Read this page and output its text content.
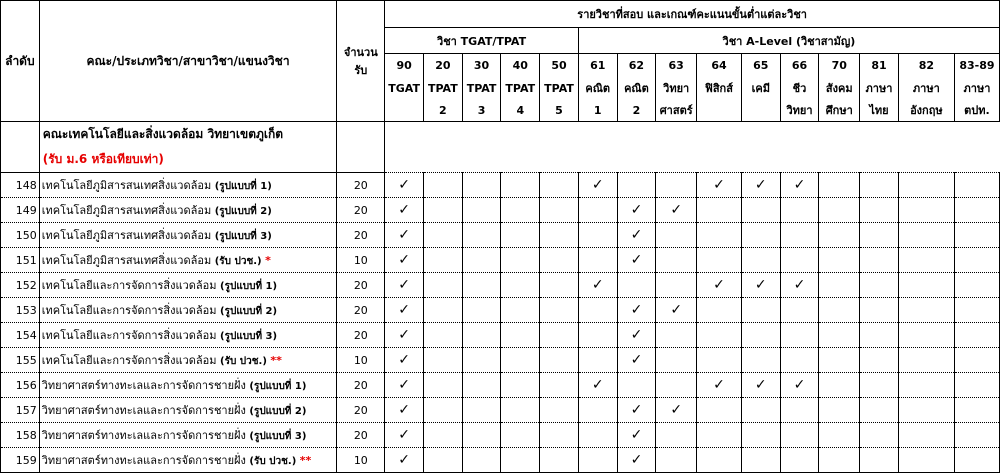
ลำดับ	คณะ/ประเภทวิชา/สาขาวิชา/แขนงวิชา	จำนวน
รับ	รายวิชาที่สอบ และเกณฑ์คะแนนขั้นต่ำแต่ละวิชา														
			วิชา TGAT/TPAT					วิชา A-Level (วิชาสามัญ)									
			90	20	30	40	50	61	62	63	64	65	66	70	81	82	83-89
			TGAT	TPAT	TPAT	TPAT	TPAT	คณิต	คณิต	วิทยา	ฟิสิกส์	เคมี	ชีว	สังคม	ภาษา	ภาษา	ภาษา
				2	3	4	5	1	2	ศาสตร์			วิทยา	ศึกษา	ไทย	อังกฤษ	ตปท.
	คณะเทคโนโลยีและสิ่งแวดล้อม วิทยาเขตภูเก็ต																
	(รับ ม.6 หรือเทียบเท่า)																
148	เทคโนโลยีภูมิสารสนเทศสิ่งแวดล้อม (รูปแบบที่ 1)	20	✓					✓			✓	✓	✓				
149	เทคโนโลยีภูมิสารสนเทศสิ่งแวดล้อม (รูปแบบที่ 2)	20	✓						✓	✓							
150	เทคโนโลยีภูมิสารสนเทศสิ่งแวดล้อม (รูปแบบที่ 3)	20	✓						✓								
151	เทคโนโลยีภูมิสารสนเทศสิ่งแวดล้อม (รับ ปวช.) *	10	✓						✓								
152	เทคโนโลยีและการจัดการสิ่งแวดล้อม (รูปแบบที่ 1)	20	✓					✓			✓	✓	✓				
153	เทคโนโลยีและการจัดการสิ่งแวดล้อม (รูปแบบที่ 2)	20	✓						✓	✓							
154	เทคโนโลยีและการจัดการสิ่งแวดล้อม (รูปแบบที่ 3)	20	✓						✓								
155	เทคโนโลยีและการจัดการสิ่งแวดล้อม (รับ ปวช.) **	10	✓						✓								
156	วิทยาศาสตร์ทางทะเลและการจัดการชายฝั่ง (รูปแบบที่ 1)	20	✓					✓			✓	✓	✓				
157	วิทยาศาสตร์ทางทะเลและการจัดการชายฝั่ง (รูปแบบที่ 2)	20	✓						✓	✓							
158	วิทยาศาสตร์ทางทะเลและการจัดการชายฝั่ง (รูปแบบที่ 3)	20	✓						✓								
159	วิทยาศาสตร์ทางทะเลและการจัดการชายฝั่ง (รับ ปวช.) **	10	✓						✓								
